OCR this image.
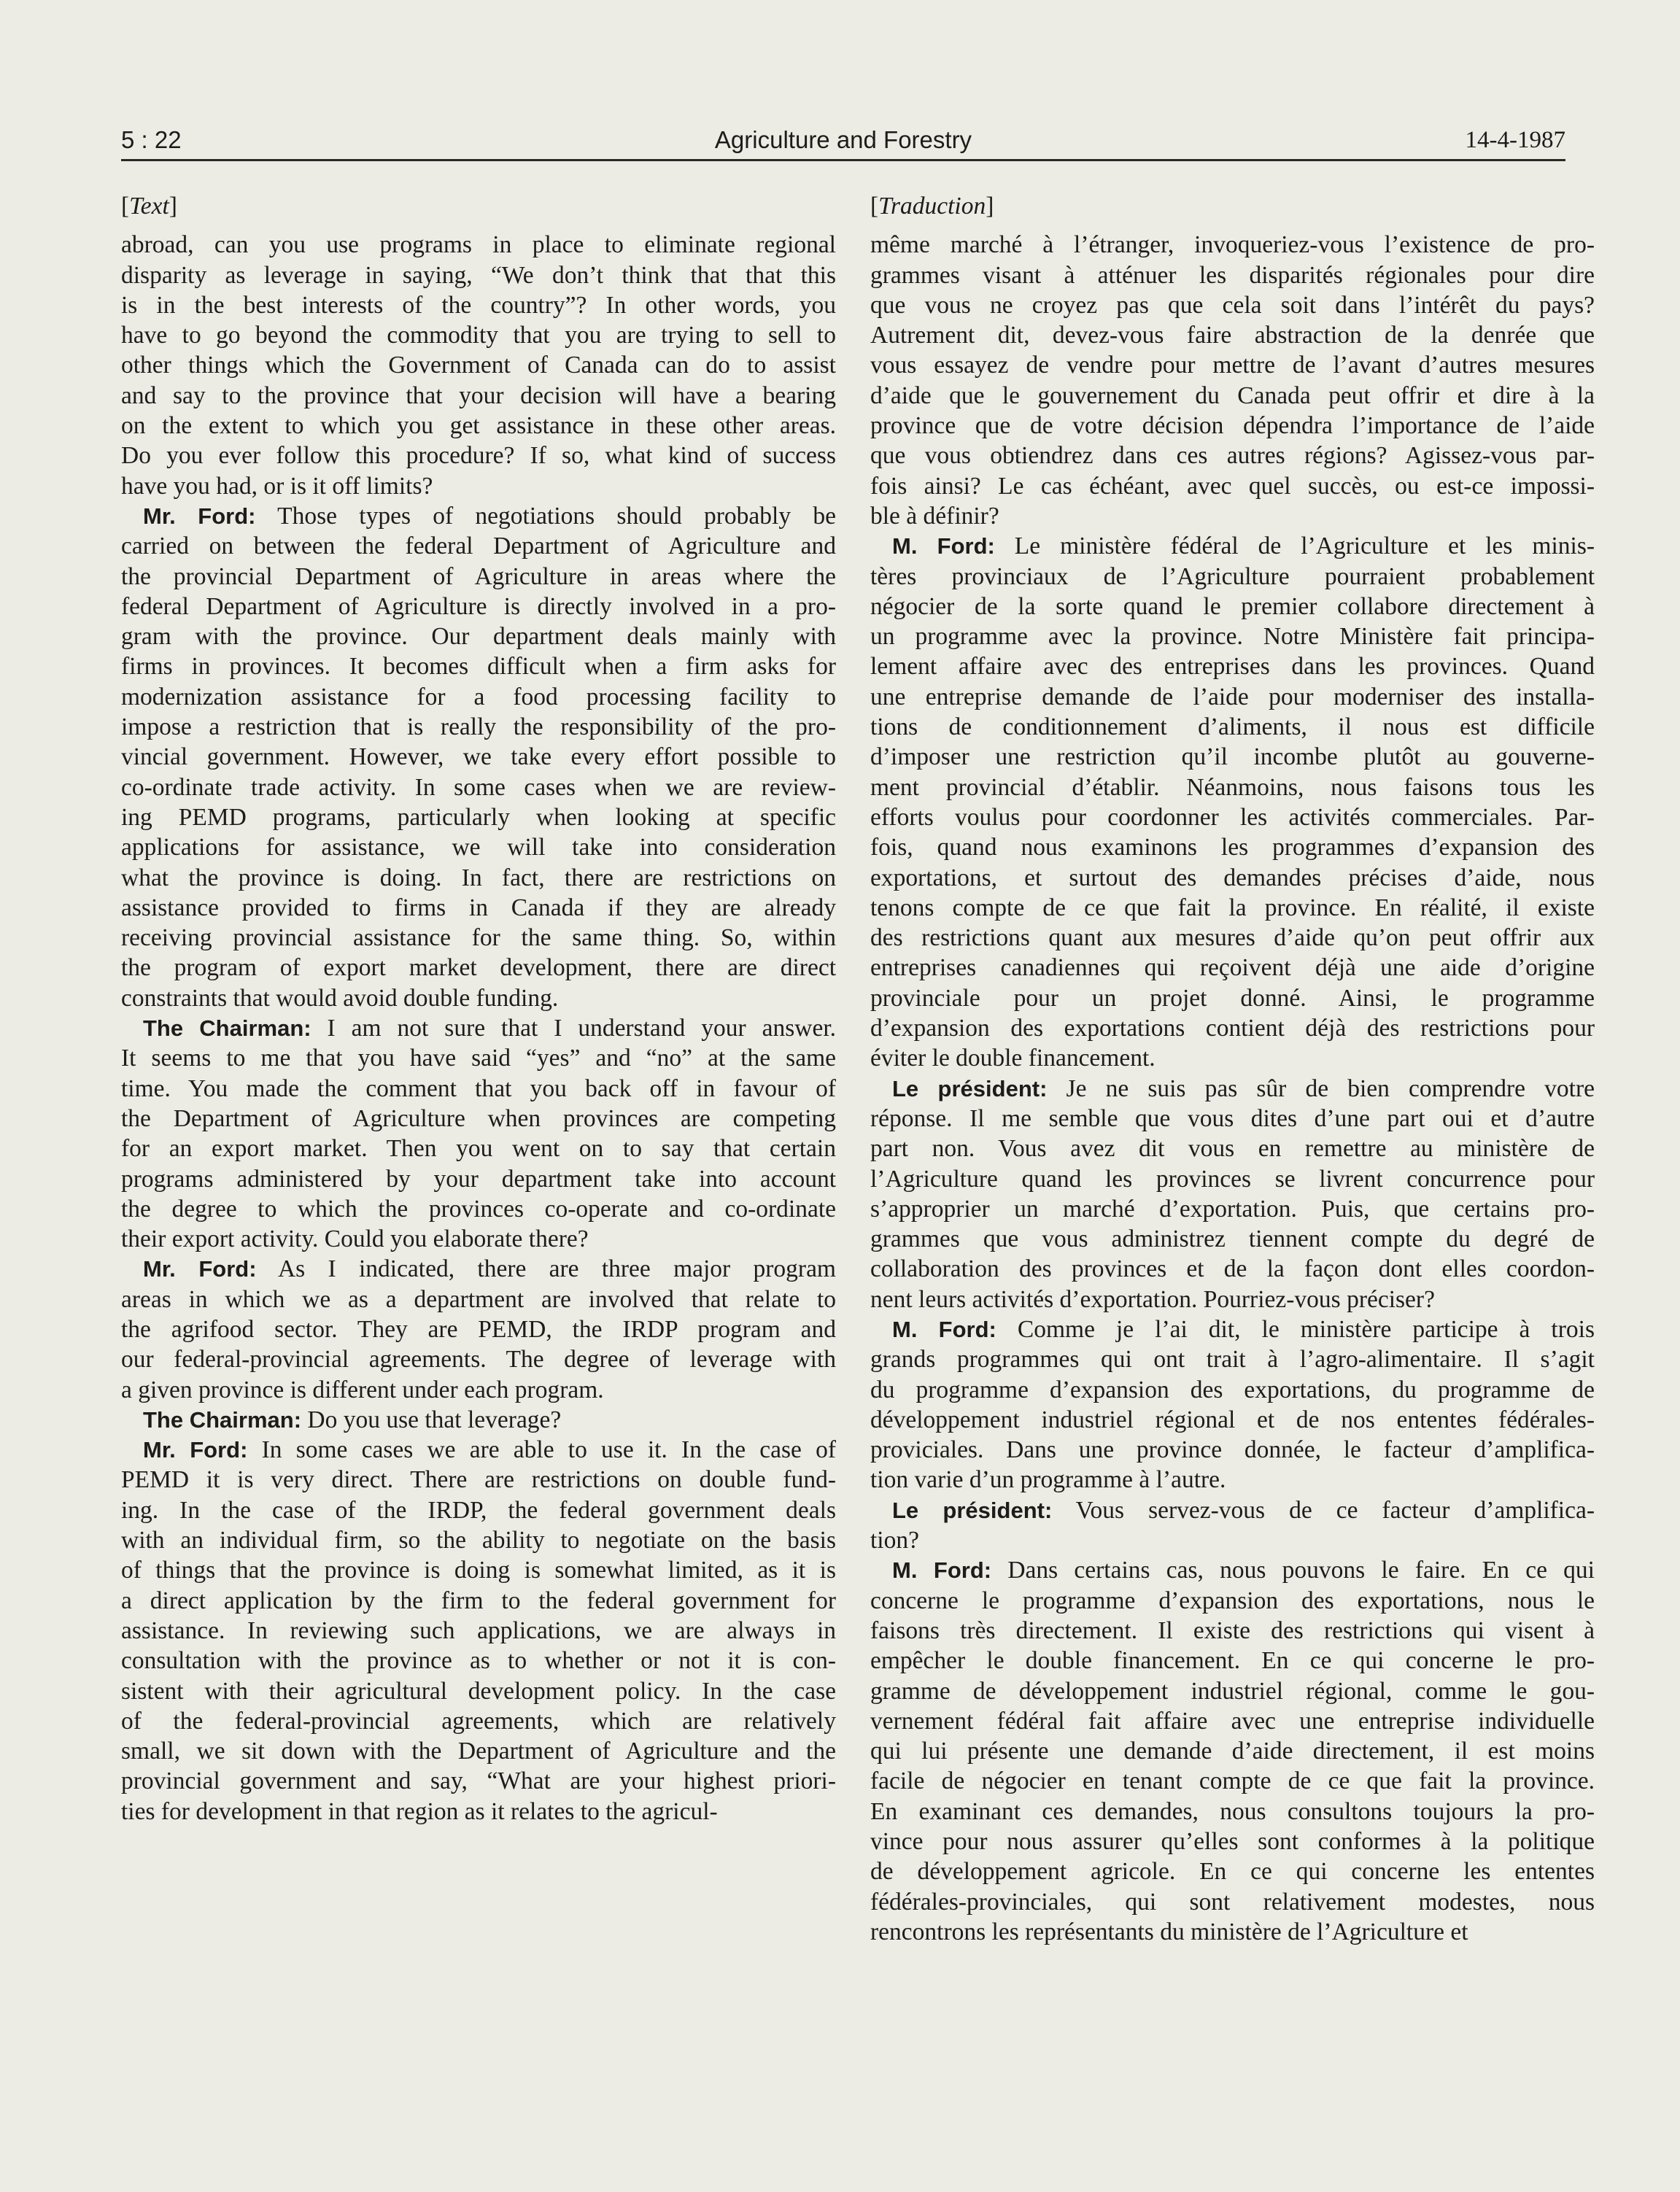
5 : 22	Agriculture and Forestry	14-4-1987
[Text]

abroad, can you use programs in place to eliminate regional
disparity as leverage in saying, “We don’t think that that this
is in the best interests of the country”? In other words, you
have to go beyond the commodity that you are trying to sell to
other things which the Government of Canada can do to assist
and say to the province that your decision will have a bearing
on the extent to which you get assistance in these other areas.
Do you ever follow this procedure? If so, what kind of success
have you had, or is it off limits?

Mr. Ford: Those types of negotiations should probably be
carried on between the federal Department of Agriculture and
the provincial Department of Agriculture in areas where the
federal Department of Agriculture is directly involved in a pro-
gram with the province. Our department deals mainly with
firms in provinces. It becomes difficult when a firm asks for
modernization assistance for a food processing facility to
impose a restriction that is really the responsibility of the pro-
vincial government. However, we take every effort possible to
co-ordinate trade activity. In some cases when we are review-
ing PEMD programs, particularly when looking at specific
applications for assistance, we will take into consideration
what the province is doing. In fact, there are restrictions on
assistance provided to firms in Canada if they are already
receiving provincial assistance for the same thing. So, within
the program of export market development, there are direct
constraints that would avoid double funding.

The Chairman: I am not sure that I understand your answer.
It seems to me that you have said “yes” and “no” at the same
time. You made the comment that you back off in favour of
the Department of Agriculture when provinces are competing
for an export market. Then you went on to say that certain
programs administered by your department take into account
the degree to which the provinces co-operate and co-ordinate
their export activity. Could you elaborate there?

Mr. Ford: As I indicated, there are three major program
areas in which we as a department are involved that relate to
the agrifood sector. They are PEMD, the IRDP program and
our federal-provincial agreements. The degree of leverage with
a given province is different under each program.

The Chairman: Do you use that leverage?

Mr. Ford: In some cases we are able to use it. In the case of
PEMD it is very direct. There are restrictions on double fund-
ing. In the case of the IRDP, the federal government deals
with an individual firm, so the ability to negotiate on the basis
of things that the province is doing is somewhat limited, as it is
a direct application by the firm to the federal government for
assistance. In reviewing such applications, we are always in
consultation with the province as to whether or not it is con-
sistent with their agricultural development policy. In the case
of the federal-provincial agreements, which are relatively
small, we sit down with the Department of Agriculture and the
provincial government and say, “What are your highest priori-
ties for development in that region as it relates to the agricul-

[Traduction]

même marché à l’étranger, invoqueriez-vous l’existence de pro-
grammes visant à atténuer les disparités régionales pour dire
que vous ne croyez pas que cela soit dans l’intérêt du pays?
Autrement dit, devez-vous faire abstraction de la denrée que
vous essayez de vendre pour mettre de l’avant d’autres mesures
d’aide que le gouvernement du Canada peut offrir et dire à la
province que de votre décision dépendra l’importance de l’aide
que vous obtiendrez dans ces autres régions? Agissez-vous par-
fois ainsi? Le cas échéant, avec quel succès, ou est-ce impossi-
ble à définir?

M. Ford: Le ministère fédéral de l’Agriculture et les minis-
tères provinciaux de l’Agriculture pourraient probablement
négocier de la sorte quand le premier collabore directement à
un programme avec la province. Notre Ministère fait principa-
lement affaire avec des entreprises dans les provinces. Quand
une entreprise demande de l’aide pour moderniser des installa-
tions de conditionnement d’aliments, il nous est difficile
d’imposer une restriction qu’il incombe plutôt au gouverne-
ment provincial d’établir. Néanmoins, nous faisons tous les
efforts voulus pour coordonner les activités commerciales. Par-
fois, quand nous examinons les programmes d’expansion des
exportations, et surtout des demandes précises d’aide, nous
tenons compte de ce que fait la province. En réalité, il existe
des restrictions quant aux mesures d’aide qu’on peut offrir aux
entreprises canadiennes qui reçoivent déjà une aide d’origine
provinciale pour un projet donné. Ainsi, le programme
d’expansion des exportations contient déjà des restrictions pour
éviter le double financement.

Le président: Je ne suis pas sûr de bien comprendre votre
réponse. Il me semble que vous dites d’une part oui et d’autre
part non. Vous avez dit vous en remettre au ministère de
l’Agriculture quand les provinces se livrent concurrence pour
s’approprier un marché d’exportation. Puis, que certains pro-
grammes que vous administrez tiennent compte du degré de
collaboration des provinces et de la façon dont elles coordon-
nent leurs activités d’exportation. Pourriez-vous préciser?

M. Ford: Comme je l’ai dit, le ministère participe à trois
grands programmes qui ont trait à l’agro-alimentaire. Il s’agit
du programme d’expansion des exportations, du programme de
développement industriel régional et de nos ententes fédérales-
proviciales. Dans une province donnée, le facteur d’amplifica-
tion varie d’un programme à l’autre.

Le président: Vous servez-vous de ce facteur d’amplifica-
tion?

M. Ford: Dans certains cas, nous pouvons le faire. En ce qui
concerne le programme d’expansion des exportations, nous le
faisons très directement. Il existe des restrictions qui visent à
empêcher le double financement. En ce qui concerne le pro-
gramme de développement industriel régional, comme le gou-
vernement fédéral fait affaire avec une entreprise individuelle
qui lui présente une demande d’aide directement, il est moins
facile de négocier en tenant compte de ce que fait la province.
En examinant ces demandes, nous consultons toujours la pro-
vince pour nous assurer qu’elles sont conformes à la politique
de développement agricole. En ce qui concerne les ententes
fédérales-provinciales, qui sont relativement modestes, nous
rencontrons les représentants du ministère de l’Agriculture et
